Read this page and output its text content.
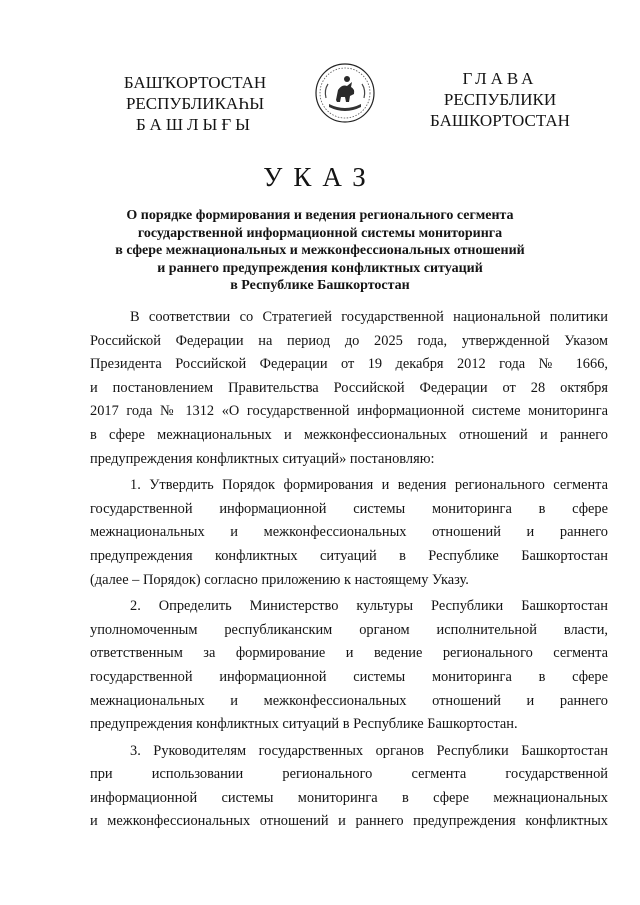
БАШҠОРТОСТАН
РЕСПУБЛИКАҺЫ
БАШЛЫҒЫ
ГЛАВА
РЕСПУБЛИКИ
БАШКОРТОСТАН
УКАЗ
О порядке формирования и ведения регионального сегмента
государственной информационной системы мониторинга
в сфере межнациональных и межконфессиональных отношений
и раннего предупреждения конфликтных ситуаций
в Республике Башкортостан

В соответствии со Стратегией государственной национальной политики

Российской Федерации на период до 2025 года, утвержденной Указом

Президента Российской Федерации от 19 декабря 2012 года № 1666,

и постановлением Правительства Российской Федерации от 28 октября

2017 года № 1312 «О государственной информационной системе мониторинга

в сфере межнациональных и межконфессиональных отношений и раннего

предупреждения конфликтных ситуаций» постановляю:

1. Утвердить Порядок формирования и ведения регионального сегмента

государственной информационной системы мониторинга в сфере

межнациональных и межконфессиональных отношений и раннего

предупреждения конфликтных ситуаций в Республике Башкортостан

(далее – Порядок) согласно приложению к настоящему Указу.

2. Определить Министерство культуры Республики Башкортостан

уполномоченным республиканским органом исполнительной власти,

ответственным за формирование и ведение регионального сегмента

государственной информационной системы мониторинга в сфере

межнациональных и межконфессиональных отношений и раннего

предупреждения конфликтных ситуаций в Республике Башкортостан.

3. Руководителям государственных органов Республики Башкортостан

при использовании регионального сегмента государственной

информационной системы мониторинга в сфере межнациональных

и межконфессиональных отношений и раннего предупреждения конфликтных
